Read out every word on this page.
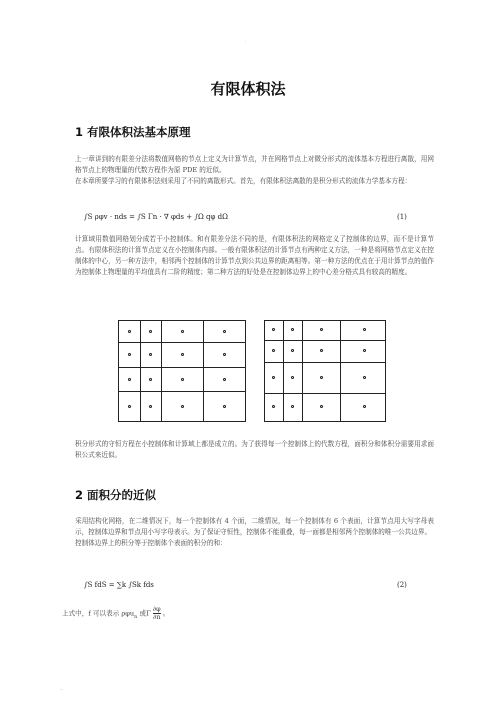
.
有限体积法
1 有限体积法基本原理
上一章讲到的有限差分法将数值网格的节点上定义为计算节点，并在网格节点上对微分形式的流体基本方程进行离散，用网格节点上的物理量的代数方程作为原 PDE 的近似。
在本章所要学习的有限体积法则采用了不同的离散形式。首先，有限体积法离散的是积分形式的流体力学基本方程：
∫S ρφv · nds = ∫S Γn · ∇ φds + ∫Ω qφ dΩ	(1)
计算域用数值网格划分成若干小控制体。和有限差分法不同的是，有限体积法的网格定义了控制体的边界，而不是计算节点。有限体积法的计算节点定义在小控制体内部。一般有限体积法的计算节点有两种定义方法，一种是将网格节点定义在控制体的中心，另一种方法中，相邻两个控制体的计算节点到公共边界的距离相等。第一种方法的优点在于用计算节点的值作为控制体上物理量的平均值具有二阶的精度；第二种方法的好处是在控制体边界上的中心差分格式具有较高的精度。
积分形式的守恒方程在小控制体和计算域上都是成立的。为了获得每一个控制体上的代数方程，面积分和体积分需要用求面积公式来近似。
2 面积分的近似
采用结构化网格，在二维情况下，每一个控制体有 4 个面，二维情况，每一个控制体有 6 个表面，计算节点用大写字母表示，控制体边界和节点用小写字母表示。为了保证守恒性，控制体不能重叠，每一面都是相邻两个控制体的唯一公共边界。
控制体边界上的积分等于控制体个表面的积分的和：
∫S fdS = ∑k ∫Sk fds	(2)
上式中，f 可以表示 ρφu$_n$ 或Γ $\frac{\partial\varphi}{\partial n}$ 。
..
